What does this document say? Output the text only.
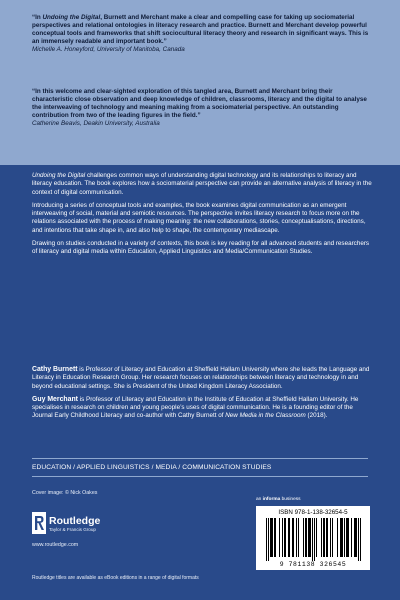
“In Undoing the Digital, Burnett and Merchant make a clear and compelling case for taking up sociomaterial perspectives and relational ontologies in literacy research and practice. Burnett and Merchant develop powerful conceptual tools and frameworks that shift sociocultural literacy theory and research in significant ways. This is an immensely readable and important book.”
Michelle A. Honeyford, University of Manitoba, Canada
“In this welcome and clear-sighted exploration of this tangled area, Burnett and Merchant bring their characteristic close observation and deep knowledge of children, classrooms, literacy and the digital to analyse the interweaving of technology and meaning making from a sociomaterial perspective. An outstanding contribution from two of the leading figures in the field.”
Catherine Beavis, Deakin University, Australia

Undoing the Digital challenges common ways of understanding digital technology and its relationships to literacy and literacy education. The book explores how a sociomaterial perspective can provide an alternative analysis of literacy in the context of digital communication.

Introducing a series of conceptual tools and examples, the book examines digital communication as an emergent interweaving of social, material and semiotic resources. The perspective invites literacy research to focus more on the relations associated with the process of making meaning: the new collaborations, stories, conceptualisations, directions, and intentions that take shape in, and also help to shape, the contemporary mediascape.

Drawing on studies conducted in a variety of contexts, this book is key reading for all advanced students and researchers of literacy and digital media within Education, Applied Linguistics and Media/Communication Studies.

Cathy Burnett is Professor of Literacy and Education at Sheffield Hallam University where she leads the Language and Literacy in Education Research Group. Her research focuses on relationships between literacy and technology in and beyond educational settings. She is President of the United Kingdom Literacy Association.

Guy Merchant is Professor of Literacy and Education in the Institute of Education at Sheffield Hallam University. He specialises in research on children and young people’s uses of digital communication. He is a founding editor of the Journal Early Childhood Literacy and co-author with Cathy Burnett of New Media in the Classroom (2018).

EDUCATION / APPLIED LINGUISTICS / MEDIA / COMMUNICATION STUDIES
Cover image: © Nick Oakes
Routledge
Taylor & Francis Group
www.routledge.com
Routledge titles are available as eBook editions in a range of digital formats
an informa business
ISBN 978-1-138-32654-5
9 781138 326545
